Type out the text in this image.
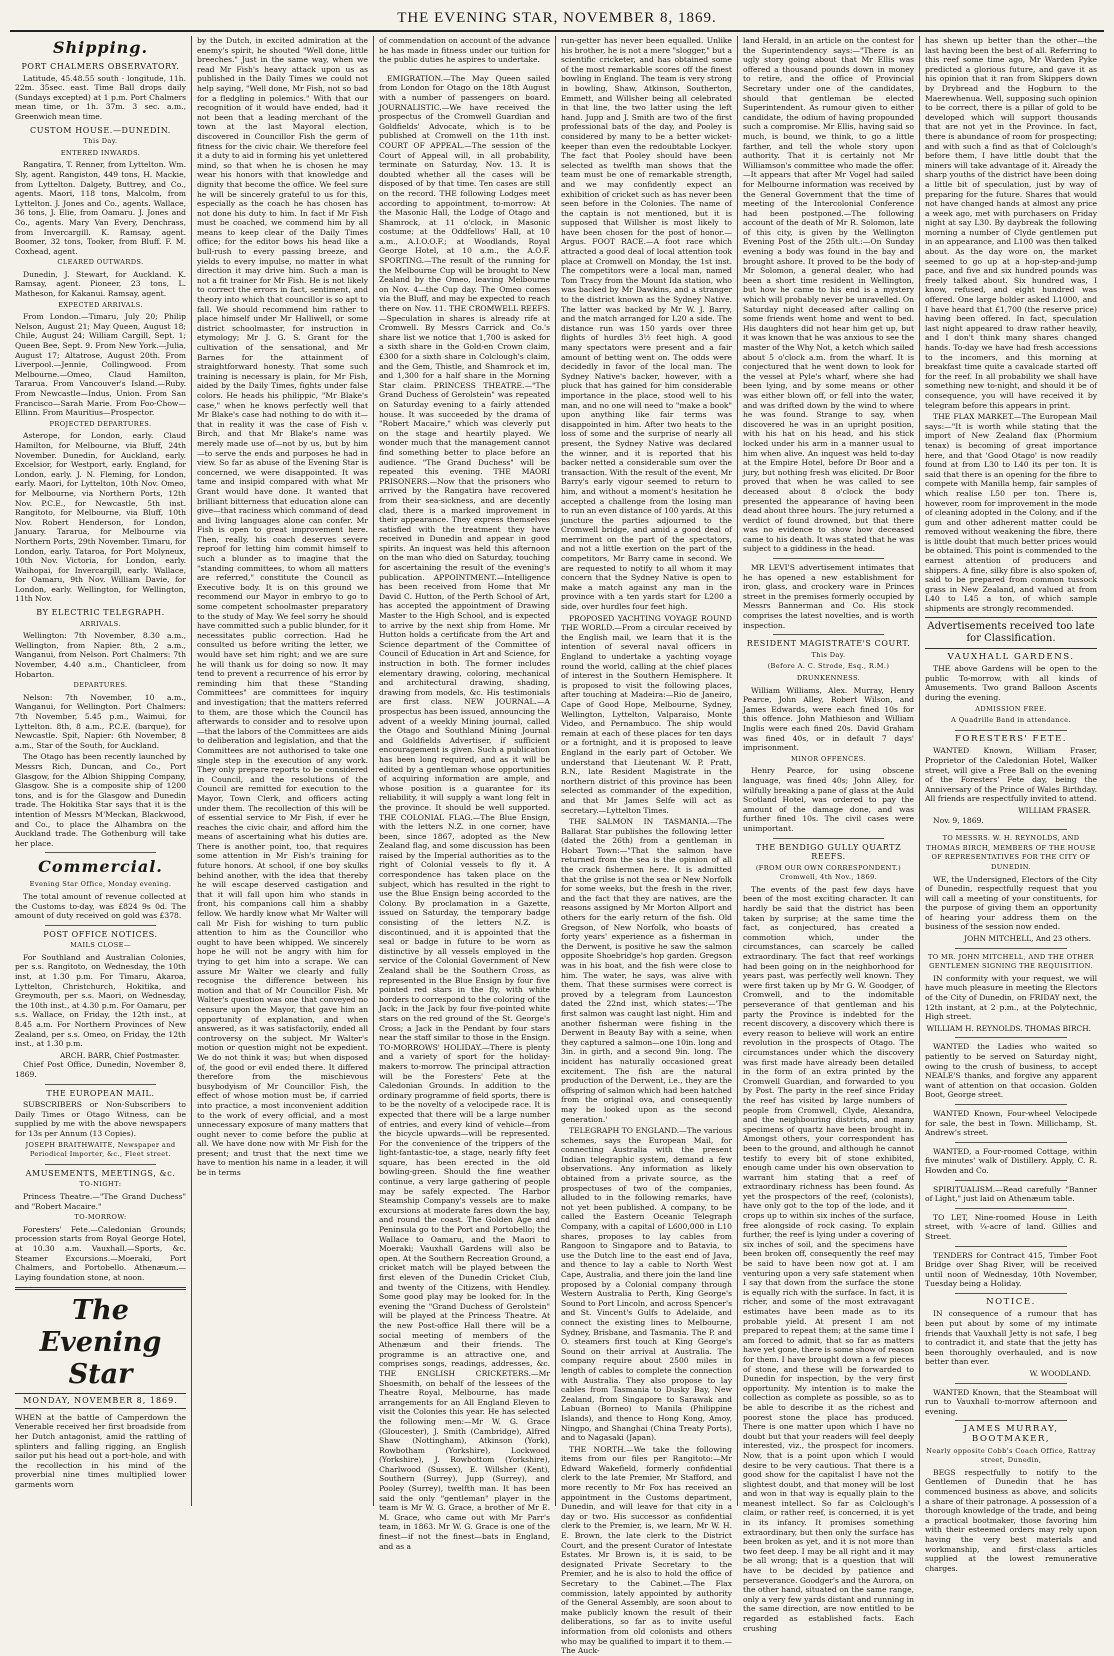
THE EVENING STAR, NOVEMBER 8, 1869.
Shipping.
PORT CHALMERS OBSERVATORY.

Latitude, 45.48.55 south · longitude, 11h. 22m. 35sec. east. Time Ball drops daily (Sundays excepted) at 1 p.m. Port Chalmers mean time, or 1h. 37m. 3 sec. a.m., Greenwich mean time.

CUSTOM HOUSE.—DUNEDIN.
This Day.
ENTERED INWARDS.

Rangatira, T. Renner, from Lyttelton. Wm. Sly, agent. Rangiston, 449 tons, H. Mackie, from Lyttelton. Dalgety, Buttrey, and Co., agents. Maori, 118 tons, Malcolm, from Lyttelton. J. Jones and Co., agents. Wallace, 36 tons, J. Elie, from Oamaru. J. Jones and Co., agents. Mary Van Every, Denchrass, from Invercargill. K. Ramsay, agent. Boomer, 32 tons, Tooker, from Bluff. F. M. Coxhead, agent.

CLEARED OUTWARDS.

Dunedin, J. Stewart, for Auckland. K. Ramsay, agent. Pioneer, 23 tons, L. Matheson, for Kakanui. Ramsay, agent.

EXPECTED ARRIVALS.

From London.—Timaru, July 20; Philip Nelson, August 21; May Queen, August 18; Chile, August 24; William Cargill, Sept. 1; Queen Bee, Sept. 9. From New York.—Julia, August 17; Altatrose, August 20th. From Liverpool.—Jennie, Collingwood. From Melbourne.—Omeo, Claud Hamilton, Tararua. From Vancouver's Island.—Ruby. From Newcastle—Indus, Union. From San Francisco—Sarah Marie. From Foo-Chow—Ellinn. From Mauritius—Prospector.

PROJECTED DEPARTURES.

Asterope, for London, early. Claud Hamilton, for Melbourne, via Bluff, 24th November. Dunedin, for Auckland, early. Excelsior, for Westport, early. England, for London, early. J. N. Fleming, for London, early. Maori, for Lyttelton, 10th Nov. Omeo, for Melbourne, via Northern Ports, 12th Nov. P.C.E., for Newcastle, 5th inst. Rangitoto, for Melbourne, via Bluff, 10th Nov. Robert Henderson, for London, January. Tararua, for Melbourne via Northern Ports, 29th November. Timaru, for London, early. Tataroa, for Port Molyneux, 10th Nov. Victoria, for London, early. Waihopai, for Invercargill, early. Wallace, for Oamaru, 9th Nov. William Davie, for London, early. Wellington, for Wellington, 11th Nov.

BY ELECTRIC TELEGRAPH.
ARRIVALS.

Wellington: 7th November, 8.30 a.m., Wellington, from Napier. 8th, 2 a.m., Wanganui, from Nelson. Port Chalmers: 7th November, 4.40 a.m., Chanticleer, from Hobarton.

DEPARTURES.

Nelson: 7th November, 10 a.m., Wanganui, for Wellington. Port Chalmers: 7th November, 5.45 p.m., Waimui, for Lyttelton. 8th, 8 a.m., P.C.E. (barque), for Newcastle. Spit, Napier: 6th November, 8 a.m., Star of the South, for Auckland.

The Otago has been recently launched by Messrs Rich, Duncan, and Co., Port Glasgow, for the Albion Shipping Company, Glasgow. She is a composite ship of 1200 tons, and is for the Glasgow and Dunedin trade. The Hokitika Star says that it is the intention of Messrs M'Meckan, Blackwood, and Co., to place the Alhambra on the Auckland trade. The Gothenburg will take her place.

Commercial.
Evening Star Office, Monday evening.

The total amount of revenue collected at the Customs to-day, was £824 9s 0d. The amount of duty received on gold was £378.

POST OFFICE NOTICES.
MAILS CLOSE—

For Southland and Australian Colonies, per s.s. Rangitoto, on Wednesday, the 10th inst, at 1.30 p.m. For Timaru, Akaroa, Lyttelton, Christchurch, Hokitika, and Greymouth, per s.s. Maori, on Wednesday, the 10th inst., at 4.30 p.m. For Oamaru, per s.s. Wallace, on Friday, the 12th inst., at 8.45 a.m. For Northern Provinces of New Zealand, per s.s. Omeo, on Friday, the 12th inst., at 1.30 p.m.

ARCH. BARR, Chief Postmaster.

Chief Post Office, Dunedin, November 8, 1869.

THE EUROPEAN MAIL.

SUBSCRIBERS or Non-Subscribers to Daily Times or Otago Witness, can be supplied by me with the above newspapers for 13s per Annum (13 Copies).

JOSEPH BRAITHWAITE, Newspaper and Periodical Importer, &c., Fleet street.
AMUSEMENTS, MEETINGS, &c.
TO-NIGHT:

Princess Theatre.—"The Grand Duchess" and "Robert Macaire."

TO-MORROW:

Foresters' Fete.—Caledonian Grounds; procession starts from Royal George Hotel, at 10.30 a.m. Vauxhall.—Sports, &c. Steamer Excursions.—Moeraki, Port Chalmers, and Portobello. Athenæum.—Laying foundation stone, at noon.

The Evening Star
MONDAY, NOVEMBER 8, 1869.

WHEN at the battle of Camperdown the Venerable received her first broadside from her Dutch antagonist, amid the rattling of splinters and falling rigging, an English sailor put his head out a port-hole, and with the recollection in his mind of the proverbial nine times multiplied lower garments worn

by the Dutch, in excited admiration at the enemy's spirit, he shouted "Well done, little breeches." Just in the same way, when we read Mr Fish's heavy attack upon us as published in the Daily Times we could not help saying, "Well done, Mr Fish, not so bad for a fledgling in polemics." With that our recognition of it would have ended, had it not been that a leading merchant of the town at the last Mayoral election, discovered in Councillor Fish the germ of fitness for the civic chair. We therefore feel it a duty to aid in forming his yet unlettered mind, so that when he is chosen he may wear his honors with that knowledge and dignity that become the office. We feel sure he will be sincerely grateful to us for this, especially as the coach he has chosen has not done his duty to him. In fact if Mr Fish must be coached, we commend him by all means to keep clear of the Daily Times office; for the editor bows his head like a bull-rush to every passing breeze, and yields to every impulse, no matter in what direction it may drive him. Such a man is not a fit trainer for Mr Fish. He is not likely to correct the errors in fact, sentiment, and theory into which that councillor is so apt to fall. We should recommend him rather to place himself under Mr Halliwell, or some district schoolmaster, for instruction in etymology; Mr J. G. S. Grant for the cultivation of the sensational, and Mr Barnes for the attainment of straightforward honesty. That some such training is necessary is plain, for Mr Fish, aided by the Daily Times, fights under false colors. He heads his philippic, "Mr Blake's case," when he knows perfectly well that Mr Blake's case had nothing to do with it—that in reality it was the case of Fish v. Birch, and that Mr Blake's name was merely made use of—not by us, but by him—to serve the ends and purposes he had in view. So far as abuse of the Evening Star is concerned, we were disappointed. It was tame and insipid compared with what Mr Grant would have done. It wanted that brilliant bitterness that education alone can give—that raciness which command of dead and living languages alone can confer. Mr Fish is open to great improvement here. Then, really, his coach deserves severe reproof for letting him commit himself to such a blunder as to imagine that the "standing committees, to whom all matters are referred," constitute the Council as Executive body. It is on this ground we recommend our Mayor in embryo to go to some competent schoolmaster preparatory to the study of May. We feel sorry he should have committed such a public blunder, for it necessitates public correction. Had he consulted us before writing the letter, we would have set him right; and we are sure he will thank us for doing so now. It may tend to prevent a recurrence of his error by reminding him that these "Standing Committees" are committees for inquiry and investigation; that the matters referred to them, are those which the Council has afterwards to consider and to resolve upon—that the labors of the Committees are aids to deliberation and legislation, and that the Committees are not authorised to take one single step in the execution of any work. They only prepare reports to be considered in Council, and the resolutions of the Council are remitted for execution to the Mayor, Town Clerk, and officers acting under them. The recollection of this will be of essential service to Mr Fish, if ever he reaches the civic chair, and afford him the means of ascertaining what his duties are. There is another point, too, that requires some attention in Mr Fish's training for future honors. At school, if one boy skulks behind another, with the idea that thereby he will escape deserved castigation and that it will fall upon him who stands in front, his companions call him a shabby fellow. We hardly know what Mr Walter will call Mr Fish for wishing to turn public attention to him as the Councillor who ought to have been whipped. We sincerely hope he will not be angry with him for trying to get him into a scrape. We can assure Mr Walter we clearly and fully recognise the difference between his motion and that of Mr Councillor Fish. Mr Walter's question was one that conveyed no censure upon the Mayor, that gave him an opportunity of explanation, and when answered, as it was satisfactorily, ended all controversy on the subject. Mr Walter's motion or question might not be expedient. We do not think it was; but when disposed of, the good or evil ended there. It differed therefore from the mischievous busybodyism of Mr Councillor Fish, the effect of whose motion must be, if carried into practice, a most inconvenient addition to the work of every official, and a most unnecessary exposure of many matters that ought never to come before the public at all. We have done now with Mr Fish for the present; and trust that the next time we have to mention his name in a leader, it will be in terms

of commendation on account of the advance he has made in fitness under our tuition for the public duties he aspires to undertake.

EMIGRATION.—The May Queen sailed from London for Otago on the 18th August with a number of passengers on board. JOURNALISTIC.—We have received the prospectus of the Cromwell Guardian and Goldfields' Advocate, which is to be published at Cromwell on the 11th inst. COURT OF APPEAL.—The session of the Court of Appeal will, in all probability, terminate on Saturday, Nov. 13. It is doubted whether all the cases will be disposed of by that time. Ten cases are still on the record. THE following Lodges meet according to appointment, to-morrow: At the Masonic Hall, the Lodge of Otago and Shamrock, at 11 o'clock, in Masonic costume; at the Oddfellows' Hall, at 10 a.m., A.I.O.O.F.; at Woodlands, Royal George Hotel, at 10 a.m., the A.O.F. SPORTING.—The result of the running for the Melbourne Cup will be brought to New Zealand by the Omeo, leaving Melbourne on Nov. 4—the Cup day. The Omeo comes via the Bluff, and may be expected to reach there on Nov. 11. THE CROMWELL REEFS.—Speculation in shares is already rife at Cromwell. By Messrs Carrick and Co.'s share list we notice that 1,700 is asked for a sixth share in the Gold-en Crown claim, £300 for a sixth share in Colclough's claim, and the Gem, Thistle, and Shamrock et im, and 1,300 for a half share in the Morning Star claim. PRINCESS THEATRE.—"The Grand Duchess of Gerolstein" was repeated on Saturday evening to a fairly attended house. It was succeeded by the drama of "Robert Macaire," which was cleverly put on the stage and heartily played. We wonder much that the management cannot find something better to place before an audience. "The Grand Duchess" will be repeated this evening. THE MAORI PRISONERS.—Now that the prisoners who arrived by the Rangatira have recovered from their sea-sickness, and are decently clad, there is a marked improvement in their appearance. They express themselves satisfied with the treatment they have received in Dunedin and appear in good spirits. An inquest was held this afternoon on the man who died on Saturday, touching for ascertaining the result of the evening's publication. APPOINTMENT.—Intelligence has been received from Home that Mr David C. Hutton, of the Perth School of Art, has accepted the appointment of Drawing Master to the High School, and is expected to arrive by the next ship from Home. Mr Hutton holds a certificate from the Art and Science department of the Committee of Council of Education in Art and Science, for instruction in both. The former includes elementary drawing, coloring, mechanical and architectural drawing, shading, drawing from models, &c. His testimonials are first class. NEW JOURNAL.—A prospectus has been issued, announcing the advent of a weekly Mining journal, called the Otago and Southland Mining Journal and Goldfields Advertiser, if sufficient encouragement is given. Such a publication has been long required, and as it will be edited by a gentleman whose opportunities of acquiring information are ample, and whose position is a guarantee for its reliability, it will supply a want long felt in the province. It should be well supported. THE COLONIAL FLAG.—The Blue Ensign, with the letters N.Z. in one corner, have been, since 1867, adopted as the New Zealand flag, and some discussion has been raised by the Imperial authorities as to the right of Colonial vessels to fly it. A correspondence has taken place on the subject, which has resulted in the right to use the Blue Ensign being accorded to the Colony. By proclamation in a Gazette, issued on Saturday, the temporary badge consisting of the letters N.Z. is discontinued, and it is appointed that the seal or badge in future to be worn as distinctive by all vessels employed in the service of the Colonial Government of New Zealand shall be the Southern Cross, as represented in the Blue Ensign by four five pointed red stars in the fly, with white borders to correspond to the coloring of the Jack; in the Jack by four five-pointed white stars on the red ground of the St. George's Cross; a Jack in the Pendant by four stars near the staff similar to those in the Ensign. TO-MORROWS' HOLIDAY.—There is plenty and a variety of sport for the holiday-makers to-morrow. The principal attraction will be the Foresters' Fete at the Caledonian Grounds. In addition to the ordinary programme of field sports, there is to be the novelty of a velocipede race. It is expected that there will be a large number of entries, and every kind of vehicle—from the bicycle upwards—will be represented. For the convenience of the trippers of the light-fantastic-toe, a stage, nearly fifty feet square, has been erected in the old bowling-green. Should the fine weather continue, a very large gathering of people may be safely expected. The Harbor Steamship Company's vessels are to make excursions at moderate fares down the bay, and round the coast. The Golden Age and Peninsula go to the Port and Portobello; the Wallace to Oamaru, and the Maori to Moeraki; Vauxhall Gardens will also be open. At the Southern Recreation Ground, a cricket match will be played between the first eleven of the Dunedin Cricket Club, and twenty of the Citizens, with Hendley. Some good play may be looked for. In the evening the "Grand Duchess of Gerolstein" will be played at the Princess Theatre. At the new Post-office Hall there will be a social meeting of members of the Athenæum and their friends. The programme is an attractive one, and comprises songs, readings, addresses, &c. THE ENGLISH CRICKETERS.—Mr Shoesmith, on behalf of the lessees of the Theatre Royal, Melbourne, has made arrangements for an All England Eleven to visit the Colonies this year. He has selected the following men:—Mr W. G. Grace (Gloucester), J. Smith (Cambridge), Alfred Shaw (Nottingham), Atkinson (York), Rowbotham (Yorkshire), Lockwood (Yorkshire), J. Rowbottom (Yorkshire), Charlwood (Sussex), E. Willsher (Kent), Southern (Surrey), Jupp (Surrey), and Pooley (Surrey), twelfth man. It has been said the only "gentleman" player in the team is Mr W. G. Grace, a brother of Mr E. M. Grace, who came out with Mr Parr's team, in 1863. Mr W. G. Grace is one of the finest—if not the finest—bats in England, and as a

run-getter has never been equalled. Unlike his brother, he is not a mere "slogger," but a scientific cricketer, and has obtained some of the most remarkable scores off the finest bowling in England. The team is very strong in bowling, Shaw, Atkinson, Southerton, Emmett, and Willsher being all celebrated in that line, the two latter using the left hand. Jupp and J. Smith are two of the first professional bats of the day, and Pooley is considered by many to be a better wicket-keeper than even the redoubtable Lockyer. The fact that Pooley should have been selected as twelfth man shows that the team must be one of remarkable strength, and we may confidently expect an exhibition of cricket such as has never been seen before in the Colonies. The name of the captain is not mentioned, but it is supposed that Willsher is most likely to have been chosen for the post of honor.—Argus. FOOT RACE.—A foot race which attracted a good deal of local attention took place at Cromwell on Monday, the 1st inst. The competitors were a local man, named Tom Tracy from the Mount Ida station, who was backed by Mr Dawkins, and a stranger to the district known as the Sydney Native. The latter was backed by Mr W. J. Barry, and the match arranged for L20 a side. The distance run was 150 yards over three flights of hurdles 3½ feet high. A good many spectators were present and a fair amount of betting went on. The odds were decidedly in favor of the local man. The Sydney Native's backer, however, with a pluck that has gained for him considerable importance in the place, stood well to his man, and no one will need to "make a book" upon anything like fair terms was disappointed in him. After two heats to the loss of some and the surprise of nearly all present, the Sydney Native was declared the winner, and it is reported that his backer netted a considerable sum over the transaction. With the result of the event, Mr Barry's early vigour seemed to return to him, and without a moment's hesitation he accepted a challenge from the losing man to run an even distance of 100 yards. At this juncture the parties adjourned to the Cromwell bridge, and amid a good deal of merriment on the part of the spectators, and not a little exertion on the part of the competitors, Mr Barry came in second. We are requested to notify to all whom it may concern that the Sydney Native is open to make a match against any man in the province with a ten yards start for L200 a side, over hurdles four feet high.

PROPOSED YACHTING VOYAGE ROUND THE WORLD.—From a circular received by the English mail, we learn that it is the intention of several naval officers in England to undertake a yachting voyage round the world, calling at the chief places of interest in the Southern Hemisphere. It is proposed to visit the following places, after touching at Madeira:—Rio de Janeiro, Cape of Good Hope, Melbourne, Sydney, Wellington, Lyttelton, Valparaiso, Monte Video, and Pernambuco. The ship would remain at each of these places for ten days or a fortnight, and it is proposed to leave England in the early part of October. We understand that Lieutenant W. P. Pratt, R.N., late Resident Magistrate in the northern district of this province has been selected as commander of the expedition, and that Mr James Selfe will act as secretary.—Lyttelton Times.

THE SALMON IN TASMANIA.—The Ballarat Star publishes the following letter (dated the 26th) from a gentleman in Hobart Town:—"That the salmon have returned from the sea is the opinion of all the crack fishermen here. It is admitted that the grilse is not the sea or New Norfolk for some weeks, but the fresh in the river, and the fact that they are natives, are the reasons assigned by Mr Morton Allport and others for the early return of the fish. Old Gregson, of New Norfolk, who boasts of forty years' experience as a fisherman in the Derwent, is positive he saw the salmon opposite Shoebridge's hop garden. Gregson was in his boat, and the fish were close to him. The water, he says, was alive with them. That these surmises were correct is proved by a telegram from Launceston dated the 22nd inst, which states:—'The first salmon was caught last night. Him and another fisherman were fishing in the Derwent in Beauty Bay with a seine, when they captured a salmon—one 10in. long and 3in. in girth, and a second 9in. long. The incident has naturally occasioned great excitement. The fish are the natural production of the Derwent, i.e., they are the offspring of salmon which had been hatched from the original ova, and consequently may be looked upon as the second generation.'

TELEGRAPH TO ENGLAND.—The various schemes, says the European Mail, for connecting Australia with the present Indian telegraphic system, demand a few observations. Any information as likely obtained from a private source, as the prospectuses of two of the companies, alluded to in the following remarks, have not yet been published. A company, to be called the Eastern Oceanic Telegraph Company, with a capital of L600,000 in L10 shares, proposes to lay cables from Rangoon to Singapore and to Batavia, to use the Dutch line to the east end of Java, and thence to lay a cable to North West Cape, Australia, and there join the land line proposed by a Colonial company through Western Australia to Perth, King George's Sound to Port Lincoln, and across Spencer's and St. Vincent's Gulfs to Adelaide, and connect the existing lines to Melbourne, Sydney, Brisbane, and Tasmania. The P. and O. steamers first touch at King George's Sound on their arrival at Australia. The company require about 2500 miles in length of cables to complete the connection with Australia. They also propose to lay cables from Tasmania to Dusky Bay, New Zealand, from Singapore to Sarawak and Labuan (Borneo) to Manila (Philippine Islands), and thence to Hong Kong, Amoy, Ningpo, and Shanghai (China Treaty Ports), and to Nagasaki (Japan).

THE NORTH.—We take the following items from our files per Rangitoto:—Mr Edward Wakefield, formerly confidential clerk to the late Premier, Mr Stafford, and more recently to Mr Fox has received an appointment in the Customs department, Dunedin, and will leave for that city in a day or two. His successor as confidential clerk to the Premier, is, we learn, Mr W. H. E. Brown, the late clerk to the District Court, and the present Curator of Intestate Estates. Mr Brown is, it is said, to be designated Private Secretary to the Premier, and he is also to hold the office of Secretary to the Cabinet.—The Flax commission, lately appointed by authority of the General Assembly, are soon about to make publicly known the result of their deliberations, so far as to invite useful information from old colonists and others who may be qualified to impart it to them.—The Auck-

land Herald, in an article on the contest for the Superintendency says:—"There is an ugly story going about that Mr Ellis was offered a thousand pounds down in money to retire, and the office of Provincial Secretary under one of the candidates, should that gentleman be elected Superintendent. As rumour given to either candidate, the odium of having propounded such a compromise. Mr Ellis, having said so much, is bound, we think, to go a little farther, and tell the whole story upon authority. That it is certainly not Mr Williamson's committee who made the offer.—It appears that after Mr Vogel had sailed for Melbourne information was received by the General Government that the time of meeting of the Intercolonial Conference had been postponed.—The following account of the death of Mr R. Solomon, late of this city, is given by the Wellington Evening Post of the 25th ult.:—On Sunday evening a body was found in the bay and brought ashore. It proved to be the body of Mr Solomon, a general dealer, who had been a short time resident in Wellington, but how he came to his end is a mystery which will probably never be unravelled. On Saturday night deceased after calling on some friends went home and went to bed. His daughters did not hear him get up, but it was known that he was anxious to see the master of the Why Not, a ketch which sailed about 5 o'clock a.m. from the wharf. It is conjectured that he went down to look for the vessel at Pyle's wharf, where she had been lying, and by some means or other was either blown off, or fell into the water, and was drifted down by the wind to where he was found. Strange to say, when discovered he was in an upright position, with his hat on his head, and his stick locked under his arm in a manner usual to him when alive. An inquest was held to-day at the Empire Hotel, before Dr Boor and a jury, but nothing fresh was elicited. Dr Boor proved that when he was called to see deceased about 8 o'clock the body presented the appearance of having been dead about three hours. The jury returned a verdict of found drowned, but that there was no evidence to show how deceased came to his death. It was stated that he was subject to a giddiness in the head.

MR LEVI'S advertisement intimates that he has opened a new establishment for iron, glass, and crockery ware in Princes street in the premises formerly occupied by Messrs Bannerman and Co. His stock comprises the latest novelties, and is worth inspection.

RESIDENT MAGISTRATE'S COURT.
This Day.
(Before A. C. Strode, Esq., R.M.)
DRUNKENNESS.

William Williams, Alex. Murray, Henry Pearce, John Alley, Robert Wilson, and James Edwards, were each fined 10s for this offence. John Mathieson and William Inglis were each fined 20s. David Graham was fined 40s, or in default 7 days' imprisonment.

MINOR OFFENCES.

Henry Pearce, for using obscene language, was fined 40s; John Alley, for wilfully breaking a pane of glass at the Auld Scotland Hotel, was ordered to pay the amount of the damage done, and was further fined 10s. The civil cases were unimportant.

THE BENDIGO GULLY QUARTZ REEFS.
(FROM OUR OWN CORRESPONDENT.) Cromwell, 4th Nov., 1869.

The events of the past few days have been of the most exciting character. It can hardly be said that the district has been taken by surprise; at the same time the fact, as conjectured, has created a commotion which, under the circumstances, can scarcely be called extraordinary. The fact that reef workings had been going on in the neighborhood for years past, was perfectly well known. They were first taken up by Mr G. W. Goodger, of Cromwell, and to the indomitable perseverance of that gentleman and his party the Province is indebted for the recent discovery, a discovery which there is every reason to believe will work an entire revolution in the prospects of Otago. The circumstances under which the discovery was first made have already been detailed in the form of an extra printed by the Cromwell Guardian, and forwarded to you by Post. The party in the reef since Friday the reef has visited by large numbers of people from Cromwell, Clyde, Alexandra, and the neighbouring districts, and many specimens of quartz have been brought in. Amongst others, your correspondent has been to the ground, and although he cannot testify to every bit of stone exhibited, enough came under his own observation to warrant him stating that a reef of extraordinary richness has been found. As yet the prospectors of the reef, (colonists), have only got to the top of the lode, and it crops up to within six inches of the surface, free alongside of rock casing. To explain further, the reef is lying under a covering of six inches of soil, and the specimens have been broken off, consequently the reef may be said to have been now got at. I am venturing upon a very safe statement when I say that down from the surface the stone is equally rich with the surface. In fact, it is richer, and some of the most extravagant estimates have been made as to its probable yield. At present I am not prepared to repeat them; at the same time I am forced to admit, that so far as matters have yet gone, there is some show of reason for them. I have brought down a few pieces of stone, and these will be forwarded to Dunedin for inspection, by the very first opportunity. My intention is to make the collection as complete as possible, so as to be able to describe it as the richest and poorest stone the place has produced. There is one matter upon which I have no doubt but that your readers will feel deeply interested, viz., the prospect for incomers. Now, that is a point upon which I would desire to be very cautious. That there is a good show for the capitalist I have not the slightest doubt, and that money will be lost and won in that way is equally plain to the meanest intellect. So far as Colclough's claim, or rather reef, is concerned, it is yet in its infancy. It promises something extraordinary, but then only the surface has been broken as yet, and it is not more than two feet deep. I may be all right and it may be all wrong; that is a question that will have to be decided by patience and perseverance. Goodger's and the Aurora, on the other hand, situated on the same range, only a very few yards distant and running in the same direction, are now entitled to be regarded as established facts. Each crushing

has shewn up better than the other—the last having been the best of all. Referring to this reef some time ago, Mr Warden Pyke predicted a glorious future, and gave it as his opinion that it ran from Skippers down by Drybread and the Hogburn to the Maerewhenua. Well, supposing such opinion to be correct, there is a pillar of gold to be developed which will support thousands that are not yet in the Province. In fact, there is abundance of room for prospecting; and with such a find as that of Colclough's before them, I have little doubt that the miners will take advantage of it. Already the sharp youths of the district have been doing a little bit of speculation, just by way of preparing for the future. Shares that would not have changed hands at almost any price a week ago, met with purchasers on Friday night at say L30. By daybreak the following morning a number of Clyde gentlemen put in an appearance, and L100 was then talked about. As the day wore on, the market seemed to go up at a hop-step-and-jump pace, and five and six hundred pounds was freely talked about. Six hundred was, I know, refused, and eight hundred was offered. One large holder asked L1000, and I have heard that £1,700 (the reserve price) having been offered. In fact, speculation last night appeared to draw rather heavily, and I don't think many shares changed hands. To-day we have had fresh accessions to the incomers, and this morning at breakfast time quite a cavalcade started off for the reef. In all probability we shall have something new to-night, and should it be of consequence, you will have received it by telegram before this appears in print.

THE FLAX MARKET.—The European Mail says:—"It is worth while stating that the import of New Zealand flax (Phormium tenax) is becoming of great importance here, and that 'Good Otago' is now readily found at from L30 to L40 its per ton. It is said that there is an opening for the fibre to compete with Manilla hemp, fair samples of which realise L50 per ton. There is, however, room for improvement in the mode of cleaning adopted in the Colony, and if the gum and other adherent matter could be removed without weakening the fibre, there is little doubt that much better prices would be obtained. This point is commended to the earnest attention of producers and shippers. A fine, silky fibre is also spoken of, said to be prepared from common tussock grass in New Zealand, and valued at from L40 to L45 a ton, of which sample shipments are strongly recommended.

Advertisements received too late for Classification.
VAUXHALL GARDENS.

THE above Gardens will be open to the public To-morrow, with all kinds of Amusements. Two grand Balloon Ascents during the evening.

ADMISSION FREE.
A Quadrille Band in attendance.
FORESTERS' FETE.

WANTED Known, William Fraser, Proprietor of the Caledonian Hotel, Walker street, will give a Free Ball on the evening of the Foresters' Fete day, being the Anniversary of the Prince of Wales Birthday. All friends are respectfully invited to attend.

WILLIAM FRASER.

Nov. 9, 1869.

TO MESSRS. W. H. REYNOLDS, AND THOMAS BIRCH, MEMBERS OF THE HOUSE OF REPRESENTATIVES FOR THE CITY OF DUNEDIN.

WE, the Undersigned, Electors of the City of Dunedin, respectfully request that you will call a meeting of your constituents, for the purpose of giving them an opportunity of hearing your address them on the business of the session now ended.

JOHN MITCHELL, And 23 others.
TO MR. JOHN MITCHELL, AND THE OTHER GENTLEMEN SIGNING THE REQUISITION.

IN conformity with your request, we will have much pleasure in meeting the Electors of the City of Dunedin, on FRIDAY next, the 12th instant, at 2 p.m., at the Polytechnic, High street.

WILLIAM H. REYNOLDS. THOMAS BIRCH.

WANTED the Ladies who waited so patiently to be served on Saturday night, owing to the crush of business, to accept NEALE'S thanks, and forgive any apparent want of attention on that occasion. Golden Boot, George street.

WANTED Known, Four-wheel Velocipede for sale, the best in Town. Millichamp, St. Andrew's street.

WANTED, a Four-roomed Cottage, within five minutes' walk of Distillery. Apply, C. R. Howden and Co.

SPIRITUALISM.—Read carefully "Banner of Light," just laid on Athenæum table.

TO LET, Nine-roomed House in Leith street, with ¼-acre of land. Gillies and Street.

TENDERS for Contract 415, Timber Foot Bridge over Shag River, will be received until noon of Wednesday, 10th November, Tuesday being a Holiday.

NOTICE.

IN consequence of a rumour that has been put about by some of my intimate friends that Vauxhall Jetty is not safe, I beg to contradict it, and state that the jetty has been thoroughly overhauled, and is now better than ever.

W. WOODLAND.

WANTED Known, that the Steamboat will run to Vauxhall to-morrow afternoon and evening.

JAMES MURRAY, BOOTMAKER,
Nearly opposite Cobb's Coach Office, Rattray street, Dunedin,

BEGS respectfully to notify to the Gentlemen of Dunedin that he has commenced business as above, and solicits a share of their patronage. A possession of a thorough knowledge of the trade, and being a practical bootmaker, those favoring him with their esteemed orders may rely upon having the very best materials and workmanship, and first-class articles supplied at the lowest remunerative charges.
